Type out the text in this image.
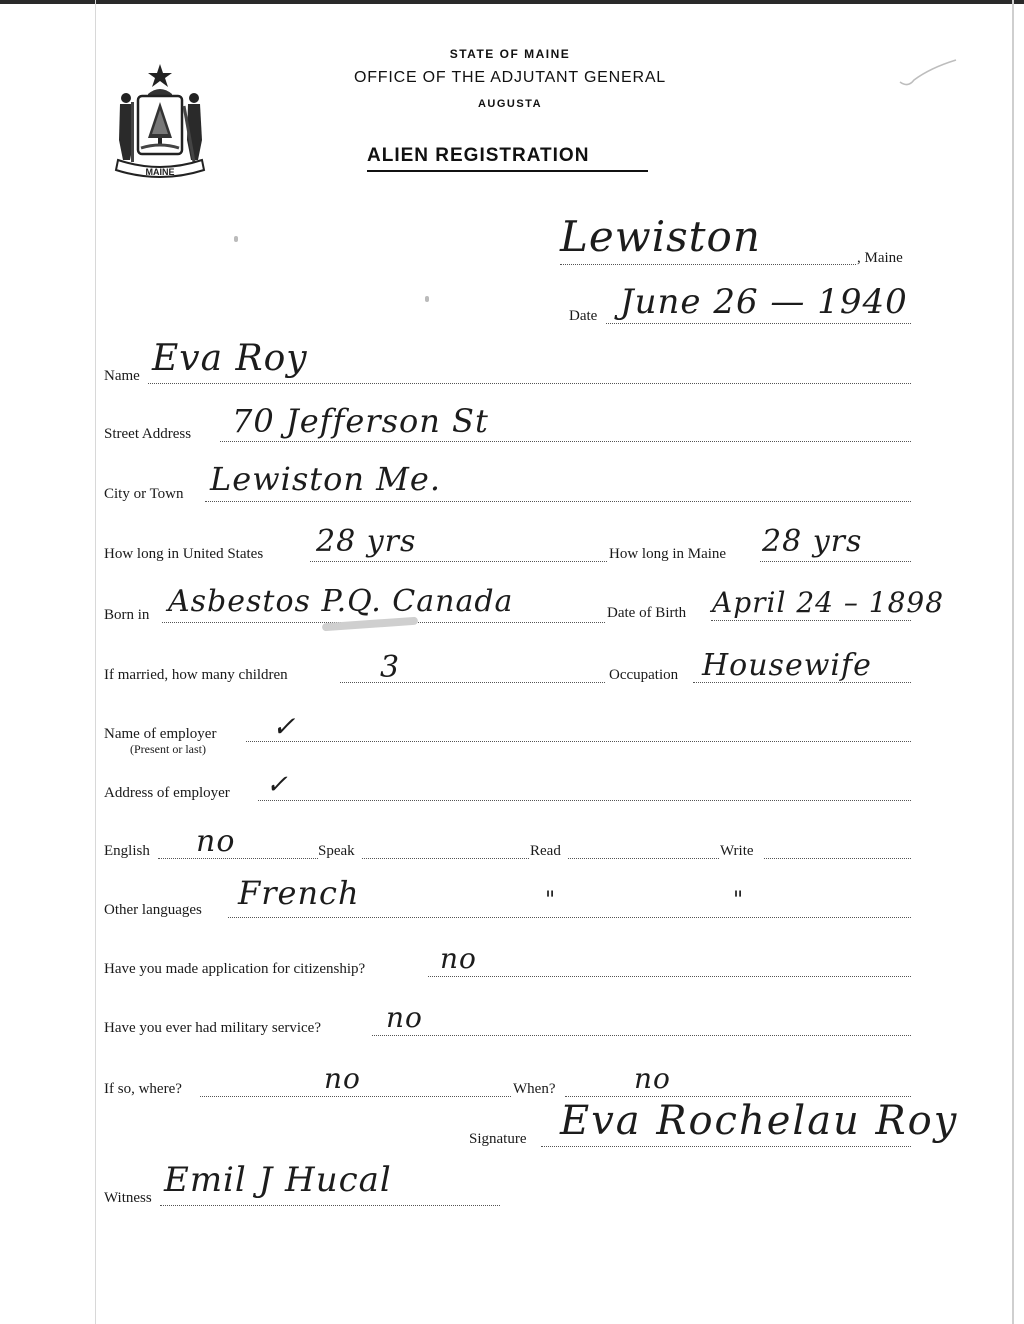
MAINE
STATE OF MAINE
OFFICE OF THE ADJUTANT GENERAL
AUGUSTA
ALIEN REGISTRATION
Lewiston	, Maine
Date June 26 — 1940
Name Eva Roy
Street Address 70 Jefferson St
City or Town Lewiston Me.
How long in United States 28 yrs	How long in Maine 28 yrs
Born in Asbestos P.Q. Canada	Date of Birth April 24 – 1898
If married, how many children	3	Occupation Housewife
Name of employer
(Present or last)
✓
Address of employer ✓
English no	Speak	Read	Write
Other languages French	"	"
Have you made application for citizenship?	no
Have you ever had military service? no
If so, where?	no	When?	no
Signature Eva Rochelau Roy
Witness Emil J Hucal
